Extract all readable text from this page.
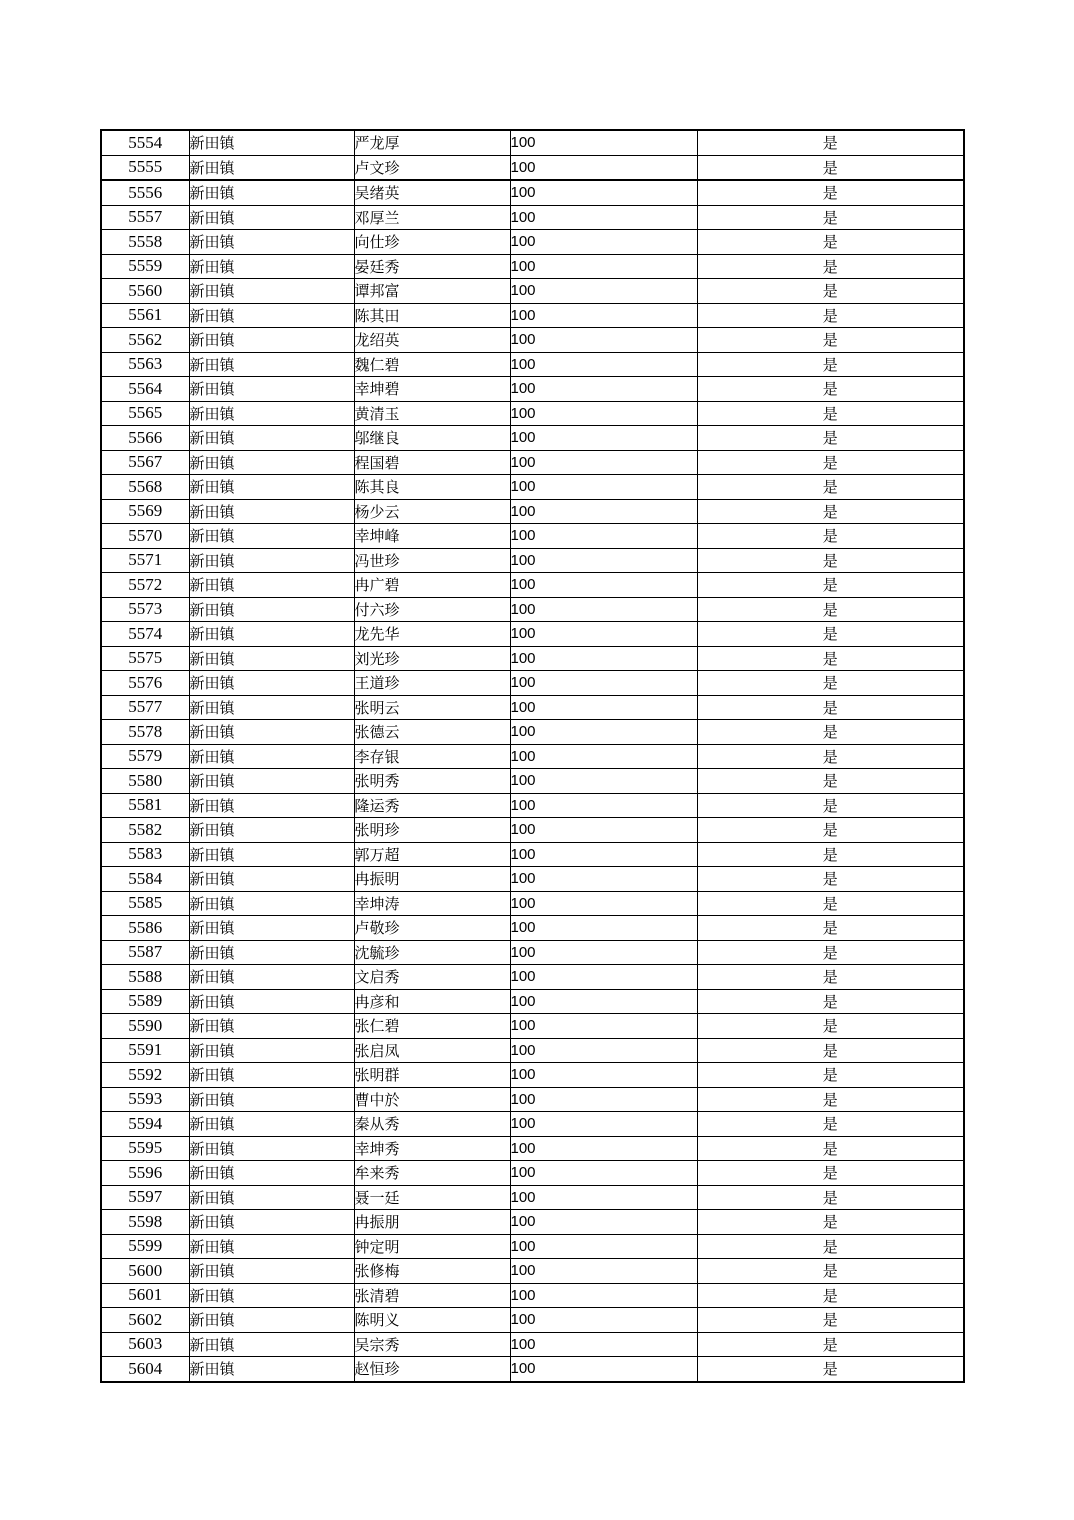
5554	新田镇	严龙厚	100	是
5555	新田镇	卢文珍	100	是
5556	新田镇	吴绪英	100	是
5557	新田镇	邓厚兰	100	是
5558	新田镇	向仕珍	100	是
5559	新田镇	晏廷秀	100	是
5560	新田镇	谭邦富	100	是
5561	新田镇	陈其田	100	是
5562	新田镇	龙绍英	100	是
5563	新田镇	魏仁碧	100	是
5564	新田镇	幸坤碧	100	是
5565	新田镇	黄清玉	100	是
5566	新田镇	邬继良	100	是
5567	新田镇	程国碧	100	是
5568	新田镇	陈其良	100	是
5569	新田镇	杨少云	100	是
5570	新田镇	幸坤峰	100	是
5571	新田镇	冯世珍	100	是
5572	新田镇	冉广碧	100	是
5573	新田镇	付六珍	100	是
5574	新田镇	龙先华	100	是
5575	新田镇	刘光珍	100	是
5576	新田镇	王道珍	100	是
5577	新田镇	张明云	100	是
5578	新田镇	张德云	100	是
5579	新田镇	李存银	100	是
5580	新田镇	张明秀	100	是
5581	新田镇	隆运秀	100	是
5582	新田镇	张明珍	100	是
5583	新田镇	郭万超	100	是
5584	新田镇	冉振明	100	是
5585	新田镇	幸坤涛	100	是
5586	新田镇	卢敬珍	100	是
5587	新田镇	沈毓珍	100	是
5588	新田镇	文启秀	100	是
5589	新田镇	冉彦和	100	是
5590	新田镇	张仁碧	100	是
5591	新田镇	张启凤	100	是
5592	新田镇	张明群	100	是
5593	新田镇	曹中於	100	是
5594	新田镇	秦从秀	100	是
5595	新田镇	幸坤秀	100	是
5596	新田镇	牟来秀	100	是
5597	新田镇	聂一廷	100	是
5598	新田镇	冉振朋	100	是
5599	新田镇	钟定明	100	是
5600	新田镇	张修梅	100	是
5601	新田镇	张清碧	100	是
5602	新田镇	陈明义	100	是
5603	新田镇	吴宗秀	100	是
5604	新田镇	赵恒珍	100	是
